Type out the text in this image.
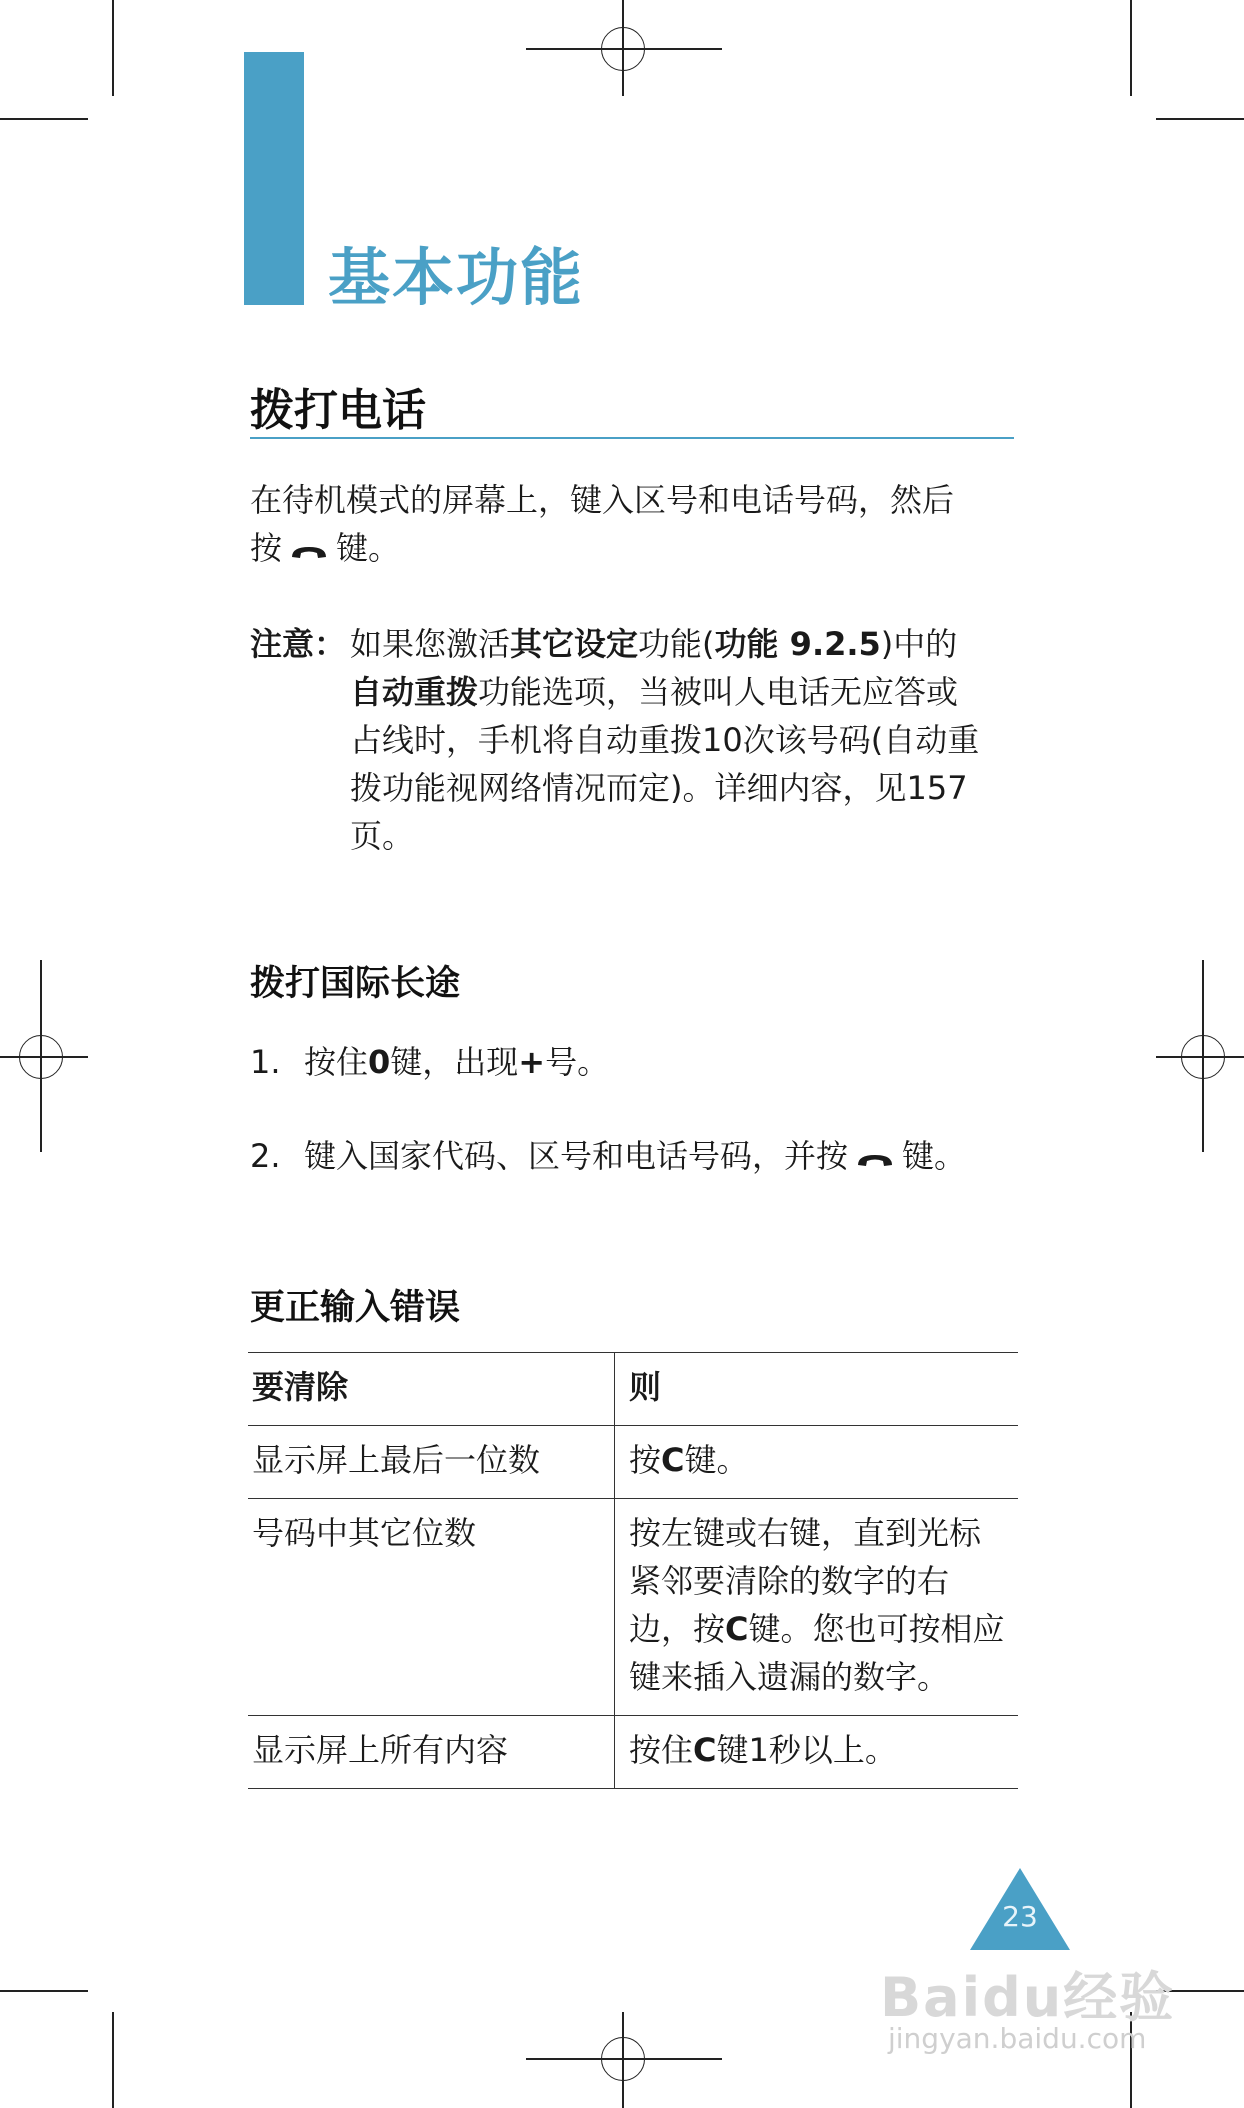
基本功能
拨打电话
在待机模式的屏幕上，键入区号和电话号码，然后
按 键。
注意： 如果您激活其它设定功能(功能 9.2.5)中的
自动重拨功能选项，当被叫人电话无应答或
占线时，手机将自动重拨10次该号码(自动重
拨功能视网络情况而定)。详细内容，见157
页。
拨打国际长途
1. 按住0键，出现+号。
2. 键入国家代码、区号和电话号码，并按 键。
更正输入错误
要清除	则
显示屏上最后一位数	按C键。
号码中其它位数	按左键或右键，直到光标
紧邻要清除的数字的右
边，按C键。您也可按相应
键来插入遗漏的数字。

显示屏上所有内容	按住C键1秒以上。
23
Baidu经验
jingyan.baidu.com
